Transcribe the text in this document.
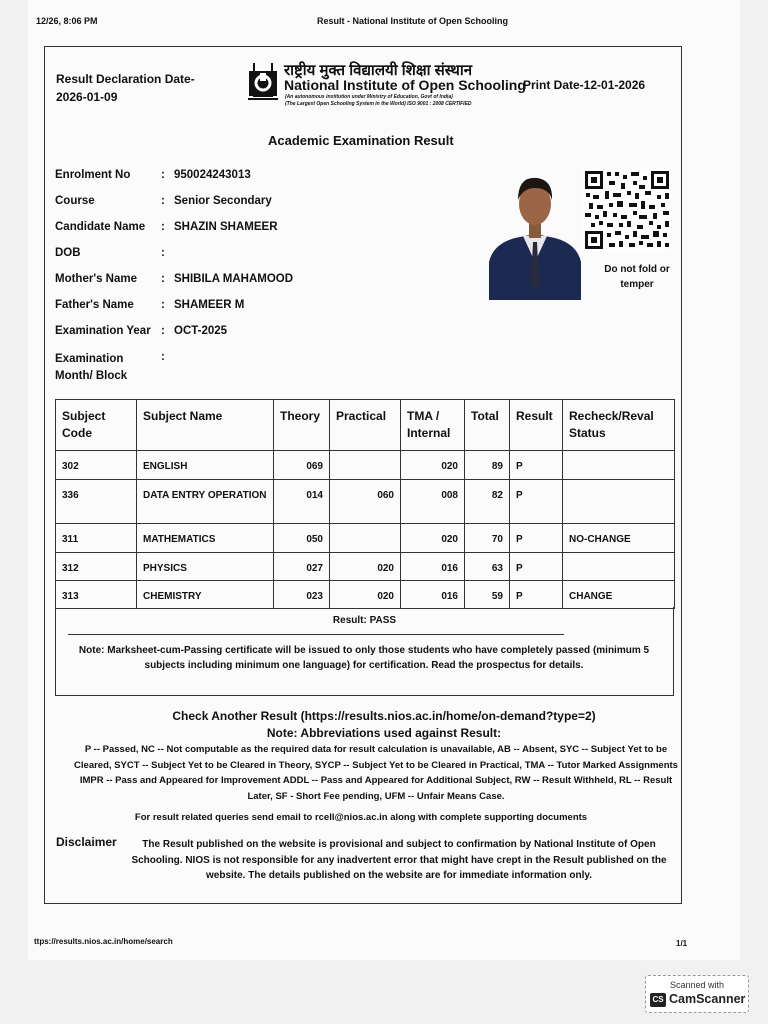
12/26, 8:06 PM	Result - National Institute of Open Schooling
Result Declaration Date-
2026-01-09
राष्ट्रीय मुक्त विद्यालयी शिक्षा संस्थान
National Institute of Open Schooling
(An autonomous institution under Ministry of Education, Govt of India)
(The Largest Open Schooling System in the World) ISO 9001 : 2008 CERTIFIED
Print Date-12-01-2026
Academic Examination Result
Enrolment No	: 950024243013
Course	: Senior Secondary
Candidate Name : SHAZIN SHAMEER
DOB	:
Mother's Name : SHIBILA MAHAMOOD
Father's Name : SHAMEER M
Examination Year : OCT-2025
Examination
Month/ Block
:
Do not fold or temper
Subject Code	Subject Name	Theory	Practical	TMA / Internal	Total	Result	Recheck/Reval Status
302	ENGLISH	069		020	89	P	
336	DATA ENTRY OPERATION	014	060	008	82	P	
311	MATHEMATICS	050		020	70	P	NO-CHANGE
312	PHYSICS	027	020	016	63	P	
313	CHEMISTRY	023	020	016	59	P	CHANGE
Result: PASS
Note: Marksheet-cum-Passing certificate will be issued to only those students who have completely passed (minimum 5 subjects including minimum one language) for certification. Read the prospectus for details.
Check Another Result (https://results.nios.ac.in/home/on-demand?type=2)
Note: Abbreviations used against Result:
P -- Passed, NC -- Not computable as the required data for result calculation is unavailable, AB -- Absent, SYC -- Subject Yet to be Cleared, SYCT -- Subject Yet to be Cleared in Theory, SYCP -- Subject Yet to be Cleared in Practical, TMA -- Tutor Marked Assignments IMPR -- Pass and Appeared for Improvement ADDL -- Pass and Appeared for Additional Subject, RW -- Result Withheld, RL -- Result Later, SF - Short Fee pending, UFM -- Unfair Means Case.
For result related queries send email to rcell@nios.ac.in along with complete supporting documents
Disclaimer	The Result published on the website is provisional and subject to confirmation by National Institute of Open Schooling. NIOS is not responsible for any inadvertent error that might have crept in the Result published on the website. The details published on the website are for immediate information only.
ttps://results.nios.ac.in/home/search	1/1
Scanned with
CS CamScanner
